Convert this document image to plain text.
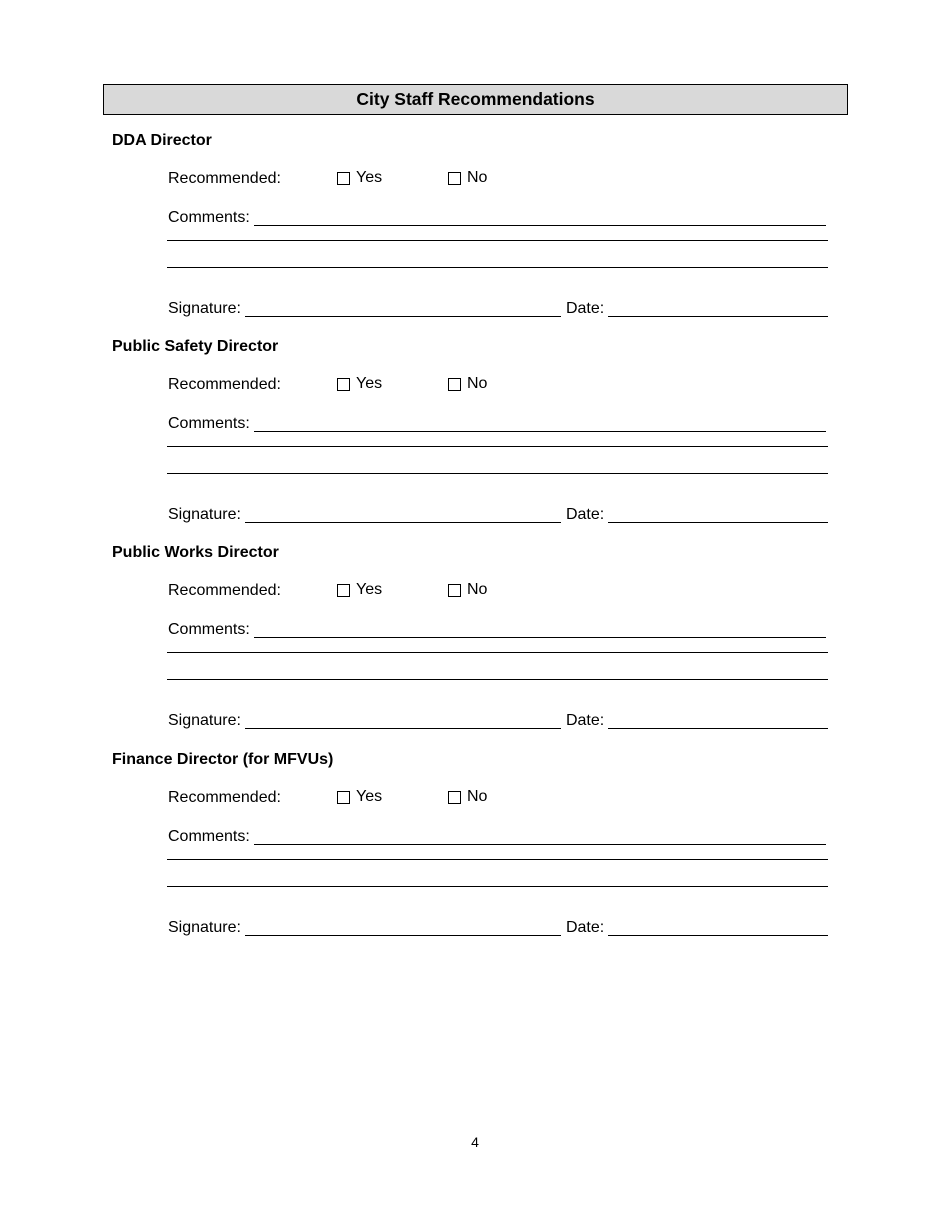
City Staff Recommendations
DDA Director
Recommended:	Yes	No
Comments:
Signature:	Date:
Public Safety Director
Recommended:	Yes	No
Comments:
Signature:	Date:
Public Works Director
Recommended:	Yes	No
Comments:
Signature:	Date:
Finance Director (for MFVUs)
Recommended:	Yes	No
Comments:
Signature:	Date:
4
